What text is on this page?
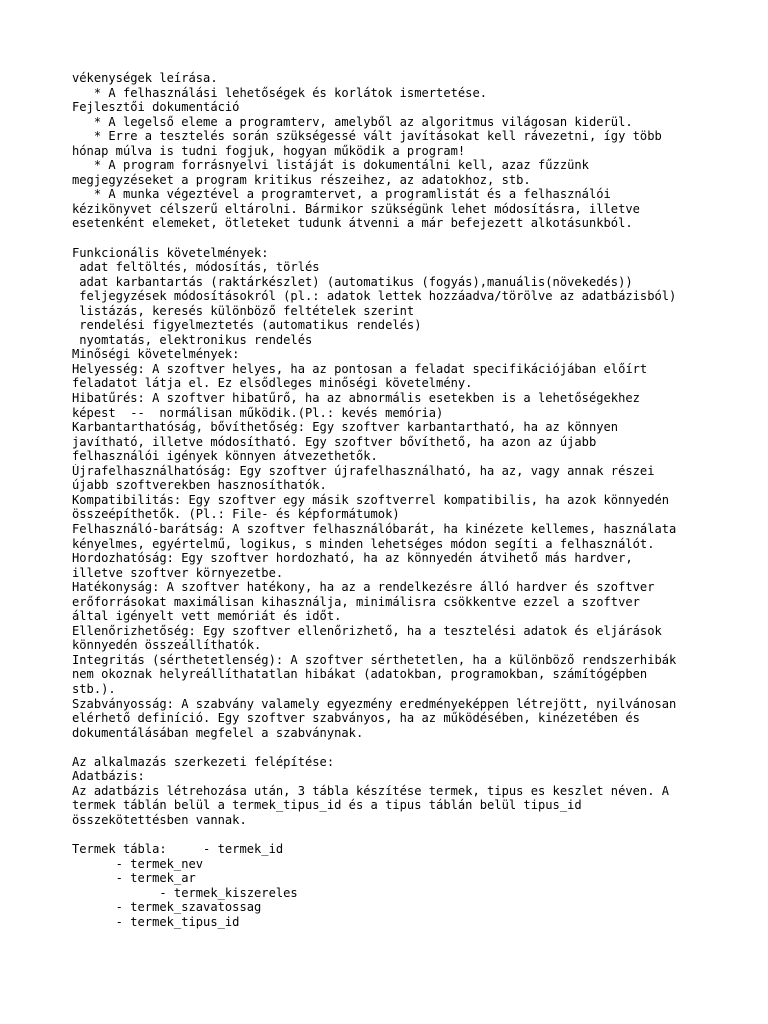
vékenységek leírása.
* A felhasználási lehetőségek és korlátok ismertetése.
Fejlesztői dokumentáció
* A legelső eleme a programterv, amelyből az algoritmus világosan kiderül.
* Erre a tesztelés során szükségessé vált javításokat kell rávezetni, így több
hónap múlva is tudni fogjuk, hogyan működik a program!
* A program forrásnyelvi listáját is dokumentálni kell, azaz fűzzünk
megjegyzéseket a program kritikus részeihez, az adatokhoz, stb.
* A munka végeztével a programtervet, a programlistát és a felhasználói
kézikönyvet célszerű eltárolni. Bármikor szükségünk lehet módosításra, illetve
esetenként elemeket, ötleteket tudunk átvenni a már befejezett alkotásunkból.
Funkcionális követelmények:
adat feltöltés, módosítás, törlés
adat karbantartás (raktárkészlet) (automatikus (fogyás),manuális(növekedés))
feljegyzések módosításokról (pl.: adatok lettek hozzáadva/törölve az adatbázisból)
listázás, keresés különböző feltételek szerint
rendelési figyelmeztetés (automatikus rendelés)
nyomtatás, elektronikus rendelés
Minőségi követelmények:
Helyesség: A szoftver helyes, ha az pontosan a feladat specifikációjában előírt
feladatot látja el. Ez elsődleges minőségi követelmény.
Hibatűrés: A szoftver hibatűrő, ha az abnormális esetekben is a lehetőségekhez
képest  --  normálisan működik.(Pl.: kevés memória)
Karbantarthatóság, bővíthetőség: Egy szoftver karbantartható, ha az könnyen
javítható, illetve módosítható. Egy szoftver bővíthető, ha azon az újabb
felhasználói igények könnyen átvezethetők.
Újrafelhasználhatóság: Egy szoftver újrafelhasználható, ha az, vagy annak részei
újabb szoftverekben hasznosíthatók.
Kompatibilitás: Egy szoftver egy másik szoftverrel kompatibilis, ha azok könnyedén
összeépíthetők. (Pl.: File- és képformátumok)
Felhasználó-barátság: A szoftver felhasználóbarát, ha kinézete kellemes, használata
kényelmes, egyértelmű, logikus, s minden lehetséges módon segíti a felhasználót.
Hordozhatóság: Egy szoftver hordozható, ha az könnyedén átvihető más hardver,
illetve szoftver környezetbe.
Hatékonyság: A szoftver hatékony, ha az a rendelkezésre álló hardver és szoftver
erőforrásokat maximálisan kihasználja, minimálisra csökkentve ezzel a szoftver
által igényelt vett memóriát és időt.
Ellenőrizhetőség: Egy szoftver ellenőrizhető, ha a tesztelési adatok és eljárások
könnyedén összeállíthatók.
Integritás (sérthetetlenség): A szoftver sérthetetlen, ha a különböző rendszerhibák
nem okoznak helyreállíthatatlan hibákat (adatokban, programokban, számítógépben
stb.).
Szabványosság: A szabvány valamely egyezmény eredményeképpen létrejött, nyilvánosan
elérhető definíció. Egy szoftver szabványos, ha az működésében, kinézetében és
dokumentálásában megfelel a szabványnak.
Az alkalmazás szerkezeti felépítése:
Adatbázis:
Az adatbázis létrehozása után, 3 tábla készítése termek, tipus es keszlet néven. A
termek táblán belül a termek_tipus_id és a tipus táblán belül tipus_id
összekötettésben vannak.
Termek tábla:     - termek_id
- termek_nev
- termek_ar
- termek_kiszereles
- termek_szavatossag
- termek_tipus_id
